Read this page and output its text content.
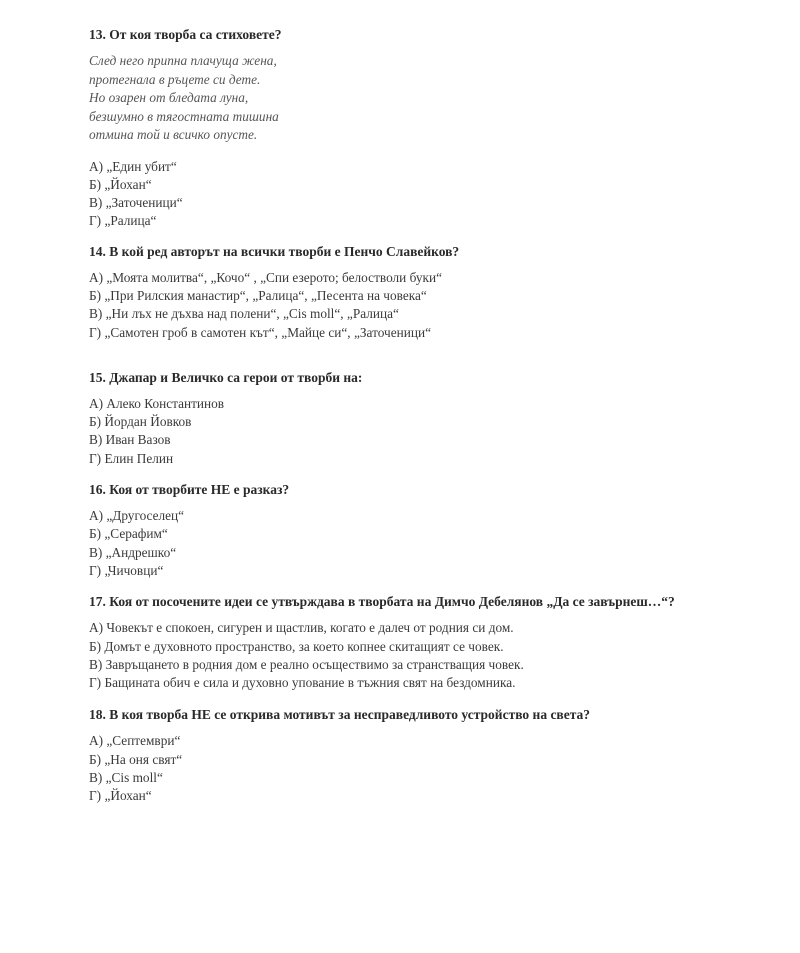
13. От коя творба са стиховете?

След него припна плачуща жена,
протегнала в ръцете си дете.
Но озарен от бледата луна,
безшумно в тягостната тишина
отмина той и всичко опусте.
А) „Един убит“
Б) „Йохан“
В) „Заточеници“
Г) „Ралица“

14. В кой ред авторът на всички творби е Пенчо Славейков?

А) „Моята молитва“, „Кочо“ , „Спи езерото; белостволи буки“
Б) „При Рилския манастир“, „Ралица“, „Песента на човека“
В) „Ни лъх не дъхва над полени“, „Cis moll“, „Ралица“
Г) „Самотен гроб в самотен кът“, „Майце си“, „Заточеници“

15. Джапар и Величко са герои от творби на:

А) Алеко Константинов
Б) Йордан Йовков
В) Иван Вазов
Г) Елин Пелин

16. Коя от творбите НЕ е разказ?

А) „Другоселец“
Б) „Серафим“
В) „Андрешко“
Г) „Чичовци“

17. Коя от посочените идеи се утвърждава в творбата на Димчо Дебелянов „Да се завърнеш…“?

А) Човекът е спокоен, сигурен и щастлив, когато е далеч от родния си дом.
Б) Домът е духовното пространство, за което копнее скитащият се човек.
В) Завръщането в родния дом е реално осъществимо за странстващия човек.
Г) Бащината обич е сила и духовно упование в тъжния свят на бездомника.

18. В коя творба НЕ се открива мотивът за несправедливото устройство на света?

А) „Септември“
Б) „На оня свят“
В) „Cis moll“
Г) „Йохан“
